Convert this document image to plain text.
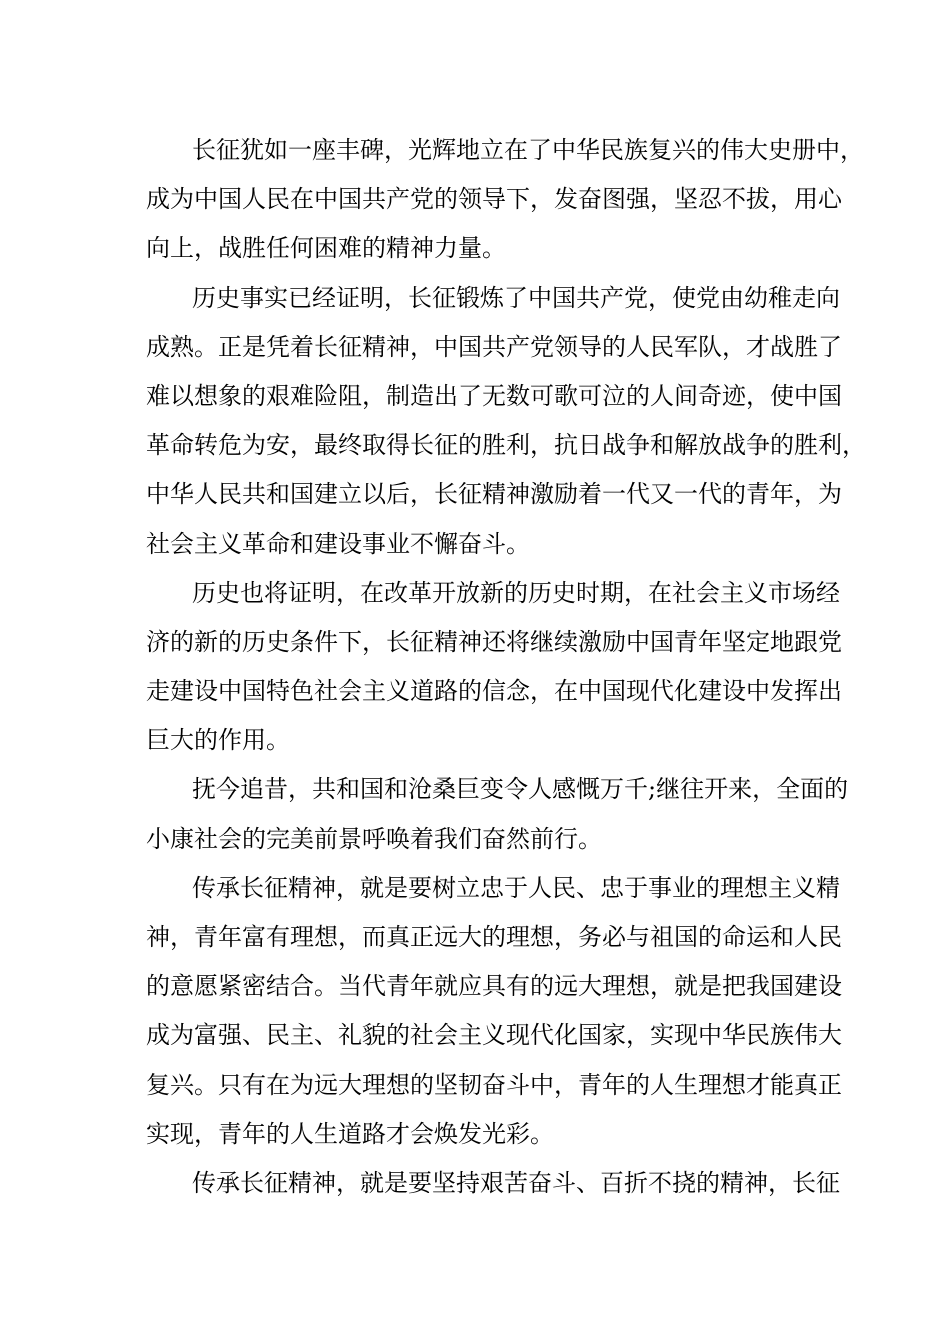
长征犹如一座丰碑，光辉地立在了中华民族复兴的伟大史册中，
成为中国人民在中国共产党的领导下，发奋图强，坚忍不拔，用心
向上，战胜任何困难的精神力量。
历史事实已经证明，长征锻炼了中国共产党，使党由幼稚走向
成熟。正是凭着长征精神，中国共产党领导的人民军队，才战胜了
难以想象的艰难险阻，制造出了无数可歌可泣的人间奇迹，使中国
革命转危为安，最终取得长征的胜利，抗日战争和解放战争的胜利，
中华人民共和国建立以后，长征精神激励着一代又一代的青年，为
社会主义革命和建设事业不懈奋斗。
历史也将证明，在改革开放新的历史时期，在社会主义市场经
济的新的历史条件下，长征精神还将继续激励中国青年坚定地跟党
走建设中国特色社会主义道路的信念，在中国现代化建设中发挥出
巨大的作用。
抚今追昔，共和国和沧桑巨变令人感慨万千;继往开来，全面的
小康社会的完美前景呼唤着我们奋然前行。
传承长征精神，就是要树立忠于人民、忠于事业的理想主义精
神，青年富有理想，而真正远大的理想，务必与祖国的命运和人民
的意愿紧密结合。当代青年就应具有的远大理想，就是把我国建设
成为富强、民主、礼貌的社会主义现代化国家，实现中华民族伟大
复兴。只有在为远大理想的坚韧奋斗中，青年的人生理想才能真正
实现，青年的人生道路才会焕发光彩。
传承长征精神，就是要坚持艰苦奋斗、百折不挠的精神，长征
